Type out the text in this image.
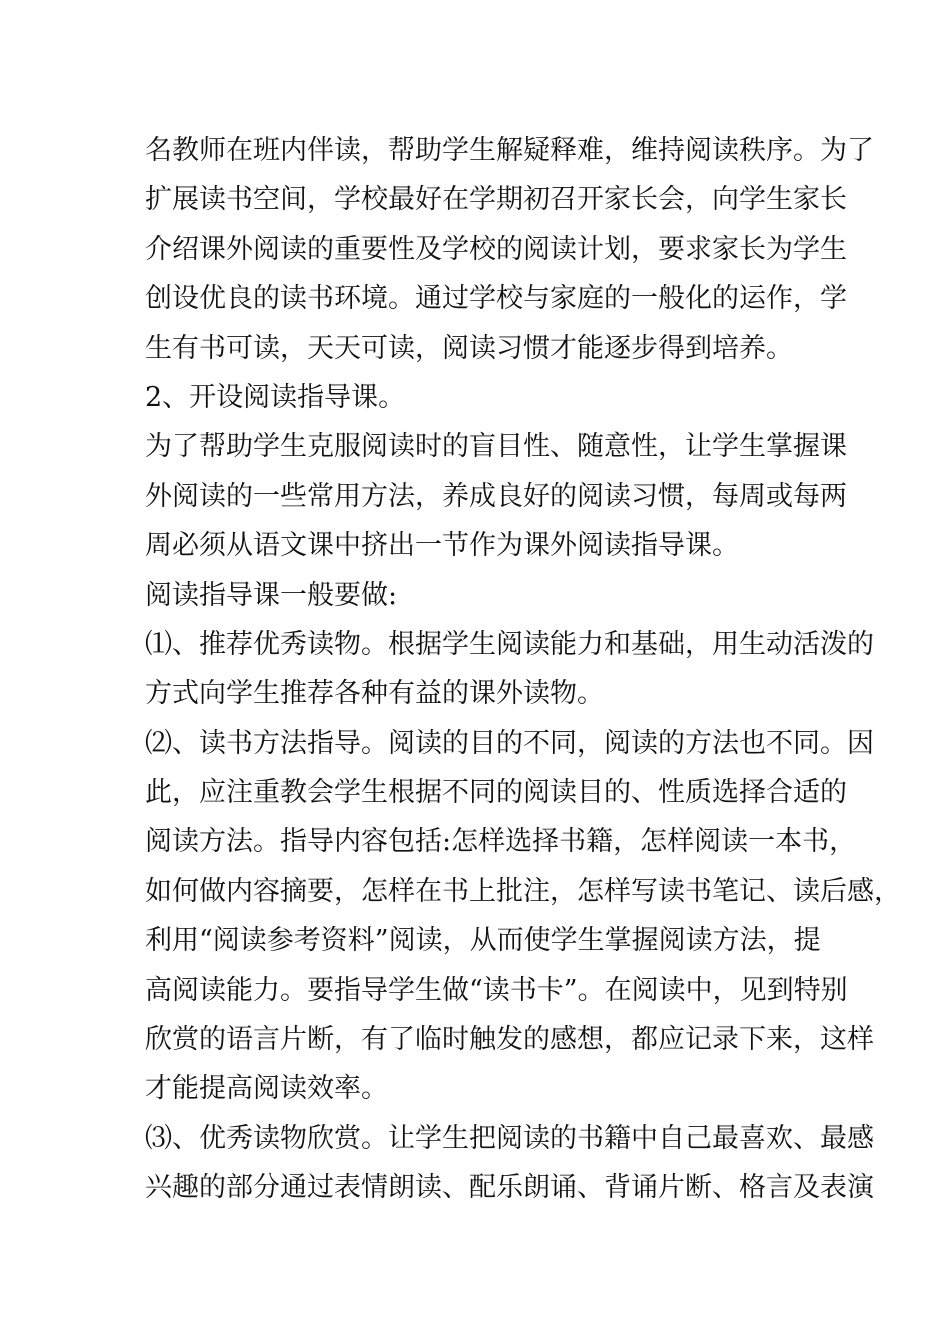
名教师在班内伴读，帮助学生解疑释难，维持阅读秩序。为了
扩展读书空间，学校最好在学期初召开家长会，向学生家长
介绍课外阅读的重要性及学校的阅读计划，要求家长为学生
创设优良的读书环境。通过学校与家庭的一般化的运作，学
生有书可读，天天可读，阅读习惯才能逐步得到培养。
2、开设阅读指导课。
为了帮助学生克服阅读时的盲目性、随意性，让学生掌握课
外阅读的一些常用方法，养成良好的阅读习惯，每周或每两
周必须从语文课中挤出一节作为课外阅读指导课。
阅读指导课一般要做:
⑴、推荐优秀读物。根据学生阅读能力和基础，用生动活泼的
方式向学生推荐各种有益的课外读物。
⑵、读书方法指导。阅读的目的不同，阅读的方法也不同。因
此，应注重教会学生根据不同的阅读目的、性质选择合适的
阅读方法。指导内容包括:怎样选择书籍，怎样阅读一本书，
如何做内容摘要，怎样在书上批注，怎样写读书笔记、读后感，
利用“阅读参考资料”阅读，从而使学生掌握阅读方法，提
高阅读能力。要指导学生做“读书卡”。在阅读中，见到特别
欣赏的语言片断，有了临时触发的感想，都应记录下来，这样
才能提高阅读效率。
⑶、优秀读物欣赏。让学生把阅读的书籍中自己最喜欢、最感
兴趣的部分通过表情朗读、配乐朗诵、背诵片断、格言及表演
